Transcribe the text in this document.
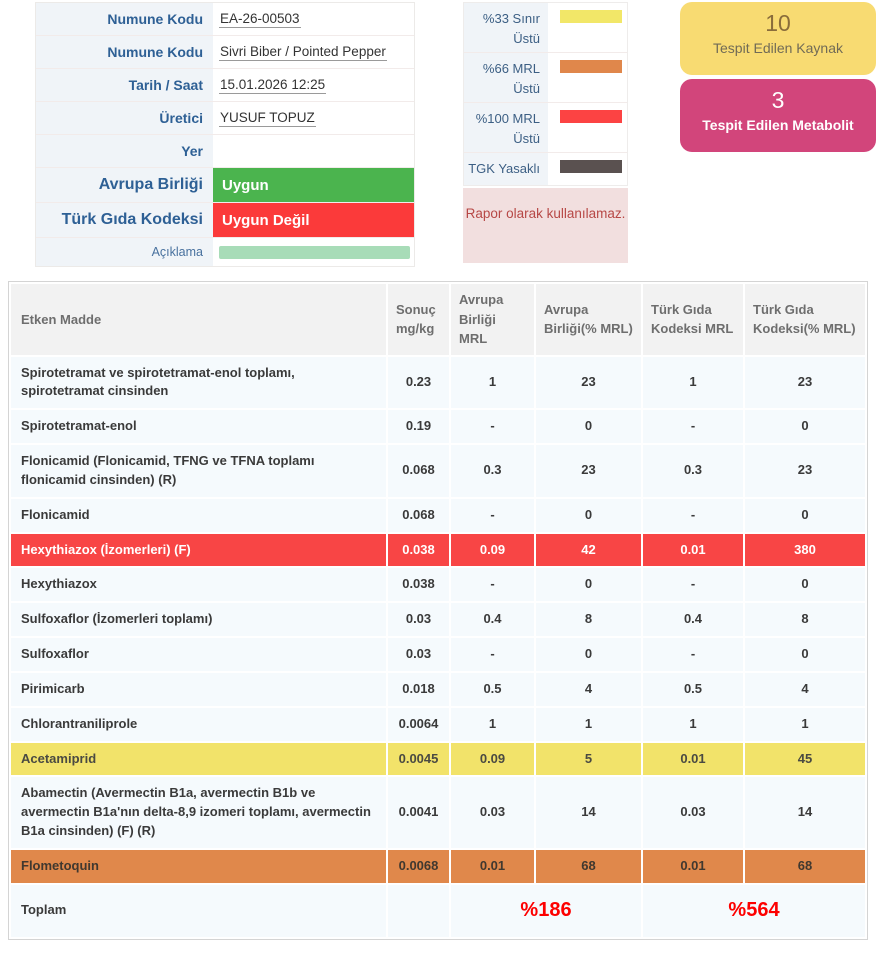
Numune Kodu	EA-26-00503
Numune Kodu	Sivri Biber / Pointed Pepper
Tarih / Saat	15.01.2026 12:25
Üretici	YUSUF TOPUZ
Yer
Avrupa Birliği	Uygun
Türk Gıda Kodeksi	Uygun Değil
Açıklama
%33 Sınır Üstü
%66 MRL Üstü
%100 MRL Üstü
TGK Yasaklı
Rapor olarak kullanılamaz.
10
Tespit Edilen Kaynak
3
Tespit Edilen Metabolit
Etken Madde	Sonuç mg/kg	Avrupa Birliği MRL	Avrupa Birliği(% MRL)	Türk Gıda Kodeksi MRL	Türk Gıda Kodeksi(% MRL)
Spirotetramat ve spirotetramat-enol toplamı, spirotetramat cinsinden	0.23	1	23	1	23
Spirotetramat-enol	0.19	-	0	-	0
Flonicamid (Flonicamid, TFNG ve TFNA toplamı flonicamid cinsinden) (R)	0.068	0.3	23	0.3	23
Flonicamid	0.068	-	0	-	0
Hexythiazox (İzomerleri) (F)	0.038	0.09	42	0.01	380
Hexythiazox	0.038	-	0	-	0
Sulfoxaflor (İzomerleri toplamı)	0.03	0.4	8	0.4	8
Sulfoxaflor	0.03	-	0	-	0
Pirimicarb	0.018	0.5	4	0.5	4
Chlorantraniliprole	0.0064	1	1	1	1
Acetamiprid	0.0045	0.09	5	0.01	45
Abamectin (Avermectin B1a, avermectin B1b ve avermectin B1a'nın delta-8,9 izomeri toplamı, avermectin B1a cinsinden) (F) (R)	0.0041	0.03	14	0.03	14
Flometoquin	0.0068	0.01	68	0.01	68
Toplam		%186		%564	
